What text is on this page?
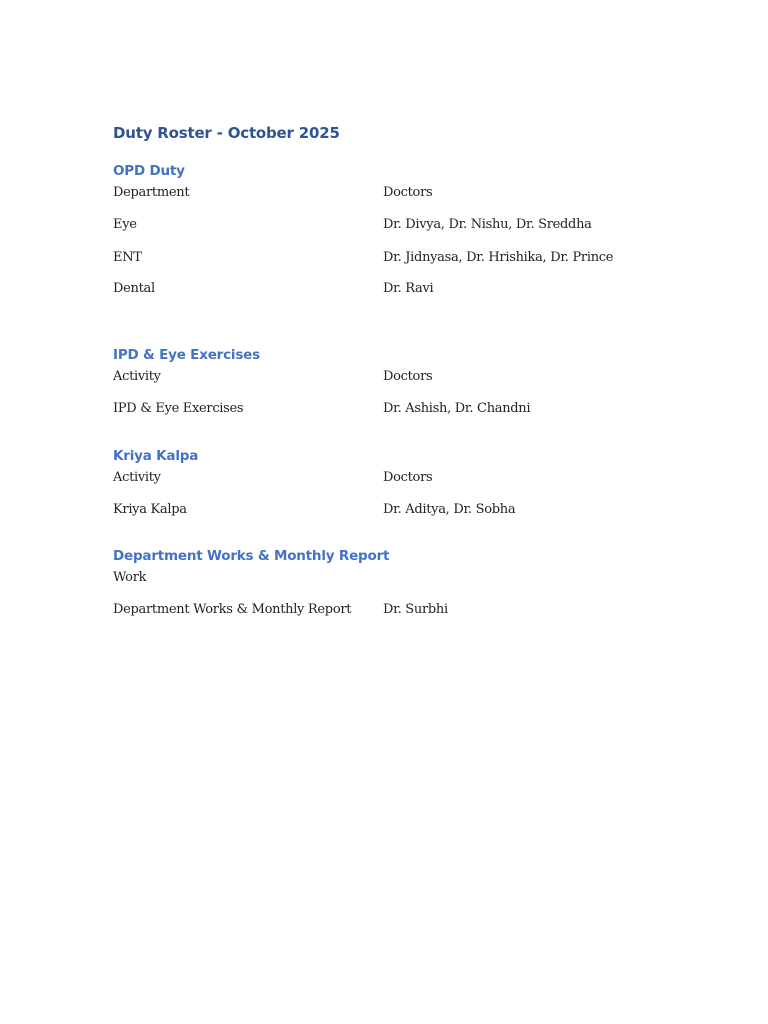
Duty Roster - October 2025
OPD Duty
Department	Doctors
Eye	Dr. Divya, Dr. Nishu, Dr. Sreddha
ENT	Dr. Jidnyasa, Dr. Hrishika, Dr. Prince
Dental	Dr. Ravi
IPD & Eye Exercises
Activity	Doctors
IPD & Eye Exercises	Dr. Ashish, Dr. Chandni
Kriya Kalpa
Activity	Doctors
Kriya Kalpa	Dr. Aditya, Dr. Sobha
Department Works & Monthly Report
Work
Department Works & Monthly Report Dr. Surbhi
